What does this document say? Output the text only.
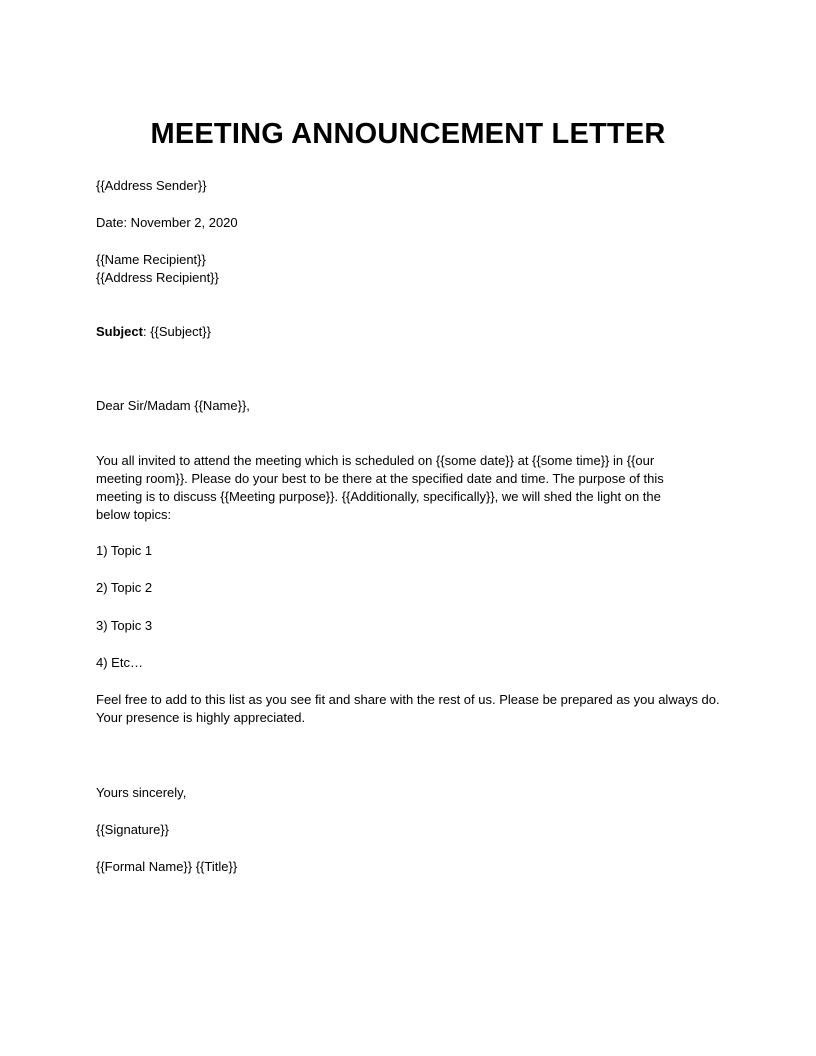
MEETING ANNOUNCEMENT LETTER
{{Address Sender}}
Date: November 2, 2020
{{Name Recipient}}
{{Address Recipient}}
Subject: {{Subject}}
Dear Sir/Madam {{Name}},
You all invited to attend the meeting which is scheduled on {{some date}} at {{some time}} in {{our meeting room}}. Please do your best to be there at the specified date and time. The purpose of this meeting is to discuss {{Meeting purpose}}. {{Additionally, specifically}}, we will shed the light on the below topics:
1) Topic 1
2) Topic 2
3) Topic 3
4) Etc…
Feel free to add to this list as you see fit and share with the rest of us. Please be prepared as you always do. Your presence is highly appreciated.
Yours sincerely,
{{Signature}}
{{Formal Name}} {{Title}}
